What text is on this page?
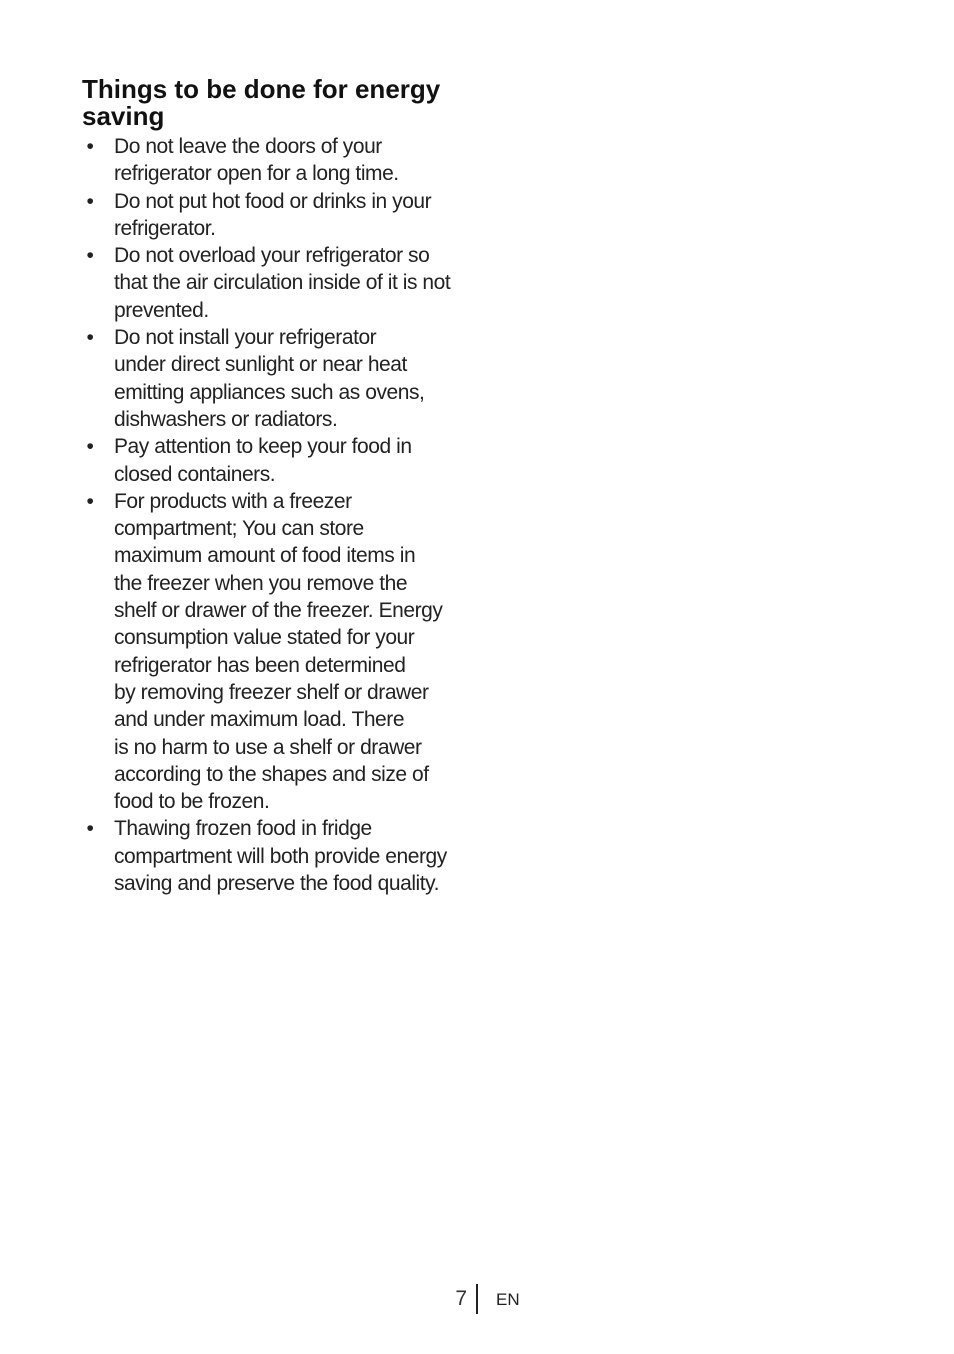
Things to be done for energy
saving
• Do not leave the doors of your
refrigerator open for a long time.
• Do not put hot food or drinks in your
refrigerator.
• Do not overload your refrigerator so
that the air circulation inside of it is not
prevented.
• Do not install your refrigerator
under direct sunlight or near heat
emitting appliances such as ovens,
dishwashers or radiators.
• Pay attention to keep your food in
closed containers.
• For products with a freezer
compartment; You can store
maximum amount of food items in
the freezer when you remove the
shelf or drawer of the freezer. Energy
consumption value stated for your
refrigerator has been determined
by removing freezer shelf or drawer
and under maximum load. There
is no harm to use a shelf or drawer
according to the shapes and size of
food to be frozen.
• Thawing frozen food in fridge
compartment will both provide energy
saving and preserve the food quality.
7 EN
